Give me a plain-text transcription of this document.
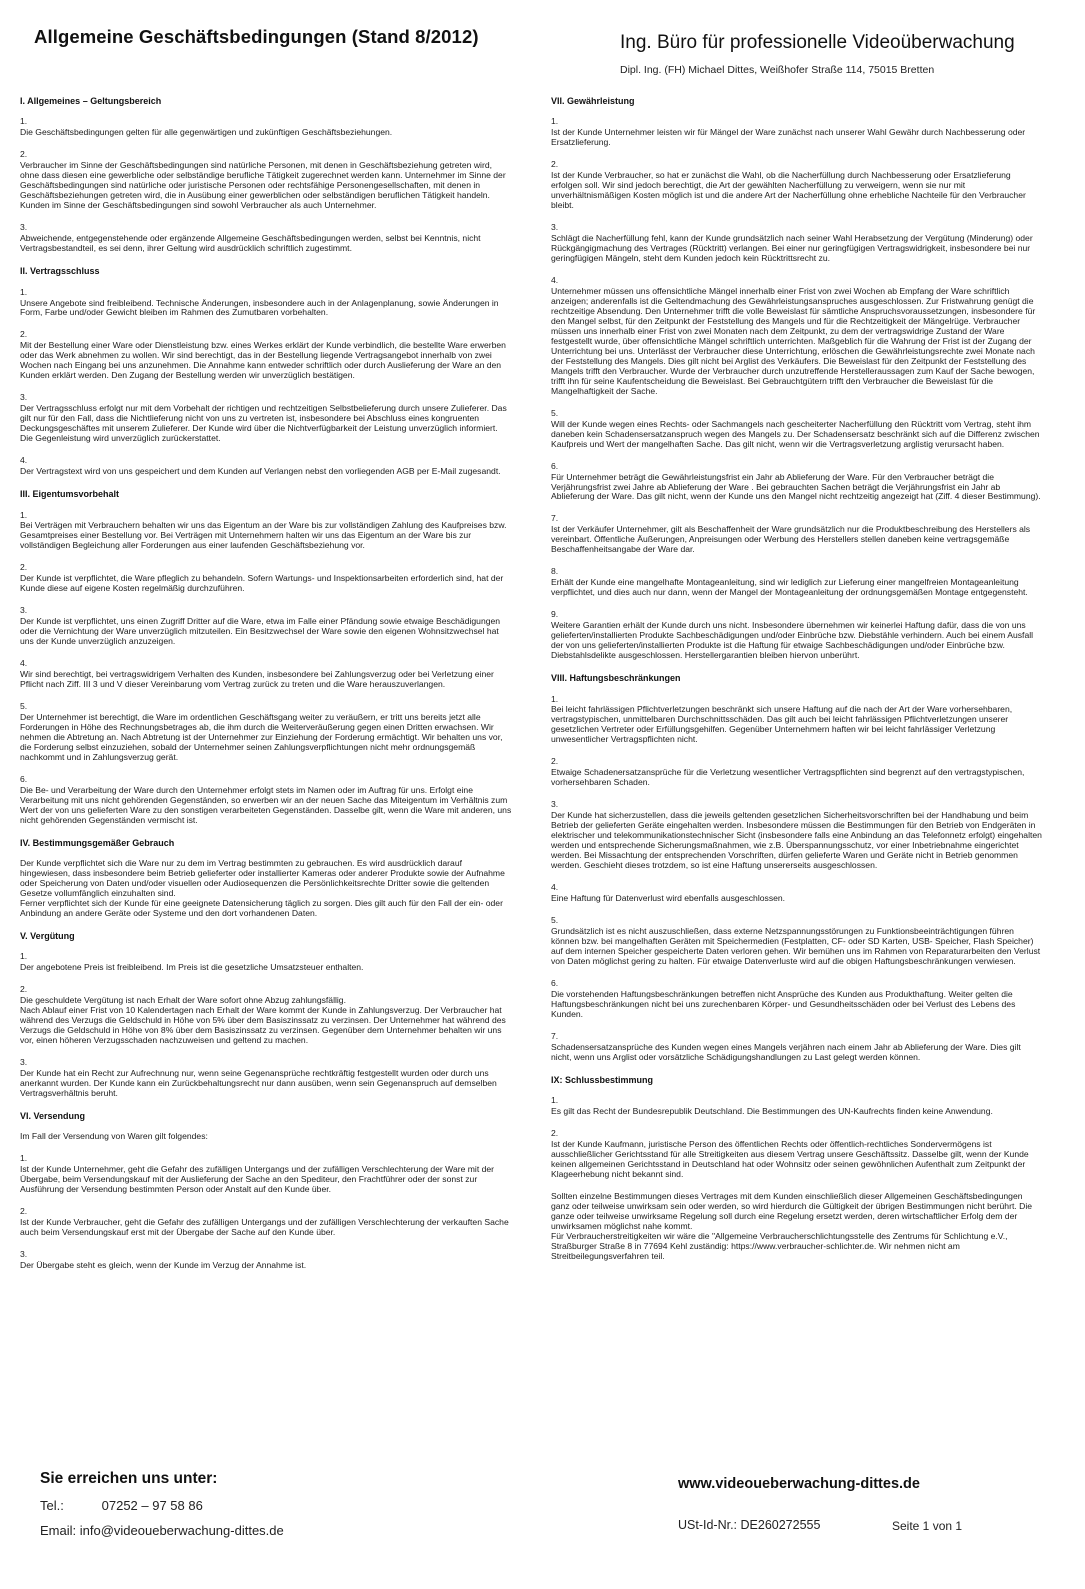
Allgemeine Geschäftsbedingungen (Stand 8/2012)	Ing. Büro für professionelle Videoüberwachung
Dipl. Ing. (FH) Michael Dittes, Weißhofer Straße 114, 75015 Bretten
I. Allgemeines – Geltungsbereich
1.
Die Geschäftsbedingungen gelten für alle gegenwärtigen und zukünftigen Geschäftsbeziehungen.
2.
Verbraucher im Sinne der Geschäftsbedingungen sind natürliche Personen, mit denen in Geschäftsbeziehung getreten wird, ohne dass diesen eine gewerbliche oder selbständige berufliche Tätigkeit zugerechnet werden kann. Unternehmer im Sinne der Geschäftsbedingungen sind natürliche oder juristische Personen oder rechtsfähige Personengesellschaften, mit denen in Geschäftsbeziehungen getreten wird, die in Ausübung einer gewerblichen oder selbständigen beruflichen Tätigkeit handeln. Kunden im Sinne der Geschäftsbedingungen sind sowohl Verbraucher als auch Unternehmer.
3.
Abweichende, entgegenstehende oder ergänzende Allgemeine Geschäftsbedingungen werden, selbst bei Kenntnis, nicht Vertragsbestandteil, es sei denn, ihrer Geltung wird ausdrücklich schriftlich zugestimmt.
II. Vertragsschluss
1.
Unsere Angebote sind freibleibend. Technische Änderungen, insbesondere auch in der Anlagenplanung, sowie Änderungen in Form, Farbe und/oder Gewicht bleiben im Rahmen des Zumutbaren vorbehalten.
2.
Mit der Bestellung einer Ware oder Dienstleistung bzw. eines Werkes erklärt der Kunde verbindlich, die bestellte Ware erwerben oder das Werk abnehmen zu wollen. Wir sind berechtigt, das in der Bestellung liegende Vertragsangebot innerhalb von zwei Wochen nach Eingang bei uns anzunehmen. Die Annahme kann entweder schriftlich oder durch Auslieferung der Ware an den Kunden erklärt werden. Den Zugang der Bestellung werden wir unverzüglich bestätigen.
3.
Der Vertragsschluss erfolgt nur mit dem Vorbehalt der richtigen und rechtzeitigen Selbstbelieferung durch unsere Zulieferer. Das gilt nur für den Fall, dass die Nichtlieferung nicht von uns zu vertreten ist, insbesondere bei Abschluss eines kongruenten Deckungsgeschäftes mit unserem Zulieferer. Der Kunde wird über die Nichtverfügbarkeit der Leistung unverzüglich informiert. Die Gegenleistung wird unverzüglich zurückerstattet.
4.
Der Vertragstext wird von uns gespeichert und dem Kunden auf Verlangen nebst den vorliegenden AGB per E-Mail zugesandt.
III. Eigentumsvorbehalt
1.
Bei Verträgen mit Verbrauchern behalten wir uns das Eigentum an der Ware bis zur vollständigen Zahlung des Kaufpreises bzw. Gesamtpreises einer Bestellung vor. Bei Verträgen mit Unternehmern halten wir uns das Eigentum an der Ware bis zur vollständigen Begleichung aller Forderungen aus einer laufenden Geschäftsbeziehung vor.
2.
Der Kunde ist verpflichtet, die Ware pfleglich zu behandeln. Sofern Wartungs- und Inspektionsarbeiten erforderlich sind, hat der Kunde diese auf eigene Kosten regelmäßig durchzuführen.
3.
Der Kunde ist verpflichtet, uns einen Zugriff Dritter auf die Ware, etwa im Falle einer Pfändung sowie etwaige Beschädigungen oder die Vernichtung der Ware unverzüglich mitzuteilen. Ein Besitzwechsel der Ware sowie den eigenen Wohnsitzwechsel hat uns der Kunde unverzüglich anzuzeigen.
4.
Wir sind berechtigt, bei vertragswidrigem Verhalten des Kunden, insbesondere bei Zahlungsverzug oder bei Verletzung einer Pflicht nach Ziff. III 3 und V dieser Vereinbarung vom Vertrag zurück zu treten und die Ware herauszuverlangen.
5.
Der Unternehmer ist berechtigt, die Ware im ordentlichen Geschäftsgang weiter zu veräußern, er tritt uns bereits jetzt alle Forderungen in Höhe des Rechnungsbetrages ab, die ihm durch die Weiterveräußerung gegen einen Dritten erwachsen. Wir nehmen die Abtretung an. Nach Abtretung ist der Unternehmer zur Einziehung der Forderung ermächtigt. Wir behalten uns vor, die Forderung selbst einzuziehen, sobald der Unternehmer seinen Zahlungsverpflichtungen nicht mehr ordnungsgemäß nachkommt und in Zahlungsverzug gerät.
6.
Die Be- und Verarbeitung der Ware durch den Unternehmer erfolgt stets im Namen oder im Auftrag für uns. Erfolgt eine Verarbeitung mit uns nicht gehörenden Gegenständen, so erwerben wir an der neuen Sache das Miteigentum im Verhältnis zum Wert der von uns gelieferten Ware zu den sonstigen verarbeiteten Gegenständen. Dasselbe gilt, wenn die Ware mit anderen, uns nicht gehörenden Gegenständen vermischt ist.
IV. Bestimmungsgemäßer Gebrauch
Der Kunde verpflichtet sich die Ware nur zu dem im Vertrag bestimmten zu gebrauchen. Es wird ausdrücklich darauf hingewiesen, dass insbesondere beim Betrieb gelieferter oder installierter Kameras oder anderer Produkte sowie der Aufnahme oder Speicherung von Daten und/oder visuellen oder Audiosequenzen die Persönlichkeitsrechte Dritter sowie die geltenden Gesetze vollumfänglich einzuhalten sind.
Ferner verpflichtet sich der Kunde für eine geeignete Datensicherung täglich zu sorgen. Dies gilt auch für den Fall der ein- oder Anbindung an andere Geräte oder Systeme und den dort vorhandenen Daten.
V. Vergütung
1.
Der angebotene Preis ist freibleibend. Im Preis ist die gesetzliche Umsatzsteuer enthalten.
2.
Die geschuldete Vergütung ist nach Erhalt der Ware sofort ohne Abzug zahlungsfällig.
Nach Ablauf einer Frist von 10 Kalendertagen nach Erhalt der Ware kommt der Kunde in Zahlungsverzug. Der Verbraucher hat während des Verzugs die Geldschuld in Höhe von 5% über dem Basiszinssatz zu verzinsen. Der Unternehmer hat während des Verzugs die Geldschuld in Höhe von 8% über dem Basiszinssatz zu verzinsen. Gegenüber dem Unternehmer behalten wir uns vor, einen höheren Verzugsschaden nachzuweisen und geltend zu machen.
3.
Der Kunde hat ein Recht zur Aufrechnung nur, wenn seine Gegenansprüche rechtkräftig festgestellt wurden oder durch uns anerkannt wurden. Der Kunde kann ein Zurückbehaltungsrecht nur dann ausüben, wenn sein Gegenanspruch auf demselben Vertragsverhältnis beruht.
VI. Versendung
Im Fall der Versendung von Waren gilt folgendes:
1.
Ist der Kunde Unternehmer, geht die Gefahr des zufälligen Untergangs und der zufälligen Verschlechterung der Ware mit der Übergabe, beim Versendungskauf mit der Auslieferung der Sache an den Spediteur, den Frachtführer oder der sonst zur Ausführung der Versendung bestimmten Person oder Anstalt auf den Kunde über.
2.
Ist der Kunde Verbraucher, geht die Gefahr des zufälligen Untergangs und der zufälligen Verschlechterung der verkauften Sache auch beim Versendungskauf erst mit der Übergabe der Sache auf den Kunde über.
3.
Der Übergabe steht es gleich, wenn der Kunde im Verzug der Annahme ist.
VII. Gewährleistung
1.
Ist der Kunde Unternehmer leisten wir für Mängel der Ware zunächst nach unserer Wahl Gewähr durch Nachbesserung oder Ersatzlieferung.
2.
Ist der Kunde Verbraucher, so hat er zunächst die Wahl, ob die Nacherfüllung durch Nachbesserung oder Ersatzlieferung erfolgen soll. Wir sind jedoch berechtigt, die Art der gewählten Nacherfüllung zu verweigern, wenn sie nur mit unverhältnismäßigen Kosten möglich ist und die andere Art der Nacherfüllung ohne erhebliche Nachteile für den Verbraucher bleibt.
3.
Schlägt die Nacherfüllung fehl, kann der Kunde grundsätzlich nach seiner Wahl Herabsetzung der Vergütung (Minderung) oder Rückgängigmachung des Vertrages (Rücktritt) verlangen. Bei einer nur geringfügigen Vertragswidrigkeit, insbesondere bei nur geringfügigen Mängeln, steht dem Kunden jedoch kein Rücktrittsrecht zu.
4.
Unternehmer müssen uns offensichtliche Mängel innerhalb einer Frist von zwei Wochen ab Empfang der Ware schriftlich anzeigen; anderenfalls ist die Geltendmachung des Gewährleistungsanspruches ausgeschlossen. Zur Fristwahrung genügt die rechtzeitige Absendung. Den Unternehmer trifft die volle Beweislast für sämtliche Anspruchsvoraussetzungen, insbesondere für den Mangel selbst, für den Zeitpunkt der Feststellung des Mangels und für die Rechtzeitigkeit der Mängelrüge. Verbraucher müssen uns innerhalb einer Frist von zwei Monaten nach dem Zeitpunkt, zu dem der vertragswidrige Zustand der Ware festgestellt wurde, über offensichtliche Mängel schriftlich unterrichten. Maßgeblich für die Wahrung der Frist ist der Zugang der Unterrichtung bei uns. Unterlässt der Verbraucher diese Unterrichtung, erlöschen die Gewährleistungsrechte zwei Monate nach der Feststellung des Mangels. Dies gilt nicht bei Arglist des Verkäufers. Die Beweislast für den Zeitpunkt der Feststellung des Mangels trifft den Verbraucher. Wurde der Verbraucher durch unzutreffende Herstelleraussagen zum Kauf der Sache bewogen, trifft ihn für seine Kaufentscheidung die Beweislast. Bei Gebrauchtgütern trifft den Verbraucher die Beweislast für die Mangelhaftigkeit der Sache.
5.
Will der Kunde wegen eines Rechts- oder Sachmangels nach gescheiterter Nacherfüllung den Rücktritt vom Vertrag, steht ihm daneben kein Schadensersatzanspruch wegen des Mangels zu. Der Schadensersatz beschränkt sich auf die Differenz zwischen Kaufpreis und Wert der mangelhaften Sache. Das gilt nicht, wenn wir die Vertragsverletzung arglistig verursacht haben.
6.
Für Unternehmer beträgt die Gewährleistungsfrist ein Jahr ab Ablieferung der Ware. Für den Verbraucher beträgt die Verjährungsfrist zwei Jahre ab Ablieferung der Ware . Bei gebrauchten Sachen beträgt die Verjährungsfrist ein Jahr ab Ablieferung der Ware. Das gilt nicht, wenn der Kunde uns den Mangel nicht rechtzeitig angezeigt hat (Ziff. 4 dieser Bestimmung).
7.
Ist der Verkäufer Unternehmer, gilt als Beschaffenheit der Ware grundsätzlich nur die Produktbeschreibung des Herstellers als vereinbart. Öffentliche Äußerungen, Anpreisungen oder Werbung des Herstellers stellen daneben keine vertragsgemäße Beschaffenheitsangabe der Ware dar.
8.
Erhält der Kunde eine mangelhafte Montageanleitung, sind wir lediglich zur Lieferung einer mangelfreien Montageanleitung verpflichtet, und dies auch nur dann, wenn der Mangel der Montageanleitung der ordnungsgemäßen Montage entgegensteht.
9.
Weitere Garantien erhält der Kunde durch uns nicht. Insbesondere übernehmen wir keinerlei Haftung dafür, dass die von uns gelieferten/installierten Produkte Sachbeschädigungen und/oder Einbrüche bzw. Diebstähle verhindern. Auch bei einem Ausfall der von uns gelieferten/installierten Produkte ist die Haftung für etwaige Sachbeschädigungen und/oder Einbrüche bzw. Diebstahlsdelikte ausgeschlossen. Herstellergarantien bleiben hiervon unberührt.
VIII. Haftungsbeschränkungen
1.
Bei leicht fahrlässigen Pflichtverletzungen beschränkt sich unsere Haftung auf die nach der Art der Ware vorhersehbaren, vertragstypischen, unmittelbaren Durchschnittsschäden. Das gilt auch bei leicht fahrlässigen Pflichtverletzungen unserer gesetzlichen Vertreter oder Erfüllungsgehilfen. Gegenüber Unternehmern haften wir bei leicht fahrlässiger Verletzung unwesentlicher Vertragspflichten nicht.
2.
Etwaige Schadenersatzansprüche für die Verletzung wesentlicher Vertragspflichten sind begrenzt auf den vertragstypischen, vorhersehbaren Schaden.
3.
Der Kunde hat sicherzustellen, dass die jeweils geltenden gesetzlichen Sicherheitsvorschriften bei der Handhabung und beim Betrieb der gelieferten Geräte eingehalten werden. Insbesondere müssen die Bestimmungen für den Betrieb von Endgeräten in elektrischer und telekommunikationstechnischer Sicht (insbesondere falls eine Anbindung an das Telefonnetz erfolgt) eingehalten werden und entsprechende Sicherungsmaßnahmen, wie z.B. Überspannungsschutz, vor einer Inbetriebnahme eingerichtet werden. Bei Missachtung der entsprechenden Vorschriften, dürfen gelieferte Waren und Geräte nicht in Betrieb genommen werden. Geschieht dieses trotzdem, so ist eine Haftung unsererseits ausgeschlossen.
4.
Eine Haftung für Datenverlust wird ebenfalls ausgeschlossen.
5.
Grundsätzlich ist es nicht auszuschließen, dass externe Netzspannungsstörungen zu Funktionsbeeinträchtigungen führen können bzw. bei mangelhaften Geräten mit Speichermedien (Festplatten, CF- oder SD Karten, USB- Speicher, Flash Speicher) auf dem internen Speicher gespeicherte Daten verloren gehen. Wir bemühen uns im Rahmen von Reparaturarbeiten den Verlust von Daten möglichst gering zu halten. Für etwaige Datenverluste wird auf die obigen Haftungsbeschränkungen verwiesen.
6.
Die vorstehenden Haftungsbeschränkungen betreffen nicht Ansprüche des Kunden aus Produkthaftung. Weiter gelten die Haftungsbeschränkungen nicht bei uns zurechenbaren Körper- und Gesundheitsschäden oder bei Verlust des Lebens des Kunden.
7.
Schadensersatzansprüche des Kunden wegen eines Mangels verjähren nach einem Jahr ab Ablieferung der Ware. Dies gilt nicht, wenn uns Arglist oder vorsätzliche Schädigungshandlungen zu Last gelegt werden können.
IX: Schlussbestimmung
1.
Es gilt das Recht der Bundesrepublik Deutschland. Die Bestimmungen des UN-Kaufrechts finden keine Anwendung.
2.
Ist der Kunde Kaufmann, juristische Person des öffentlichen Rechts oder öffentlich-rechtliches Sondervermögens ist ausschließlicher Gerichtsstand für alle Streitigkeiten aus diesem Vertrag unsere Geschäftssitz. Dasselbe gilt, wenn der Kunde keinen allgemeinen Gerichtsstand in Deutschland hat oder Wohnsitz oder seinen gewöhnlichen Aufenthalt zum Zeitpunkt der Klageerhebung nicht bekannt sind.
Sollten einzelne Bestimmungen dieses Vertrages mit dem Kunden einschließlich dieser Allgemeinen Geschäftsbedingungen ganz oder teilweise unwirksam sein oder werden, so wird hierdurch die Gültigkeit der übrigen Bestimmungen nicht berührt. Die ganze oder teilweise unwirksame Regelung soll durch eine Regelung ersetzt werden, deren wirtschaftlicher Erfolg dem der unwirksamen möglichst nahe kommt.
Für Verbraucherstreitigkeiten wir wäre die "Allgemeine Verbraucherschlichtungsstelle des Zentrums für Schlichtung e.V., Straßburger Straße 8 in 77694 Kehl zuständig: https://www.verbraucher-schlichter.de. Wir nehmen nicht am Streitbeilegungsverfahren teil.
Sie erreichen uns unter:
Tel.:	07252 – 97 58 86
Email: info@videoueberwachung-dittes.de
www.videoueberwachung-dittes.de
USt-Id-Nr.: DE260272555	Seite 1 von 1
